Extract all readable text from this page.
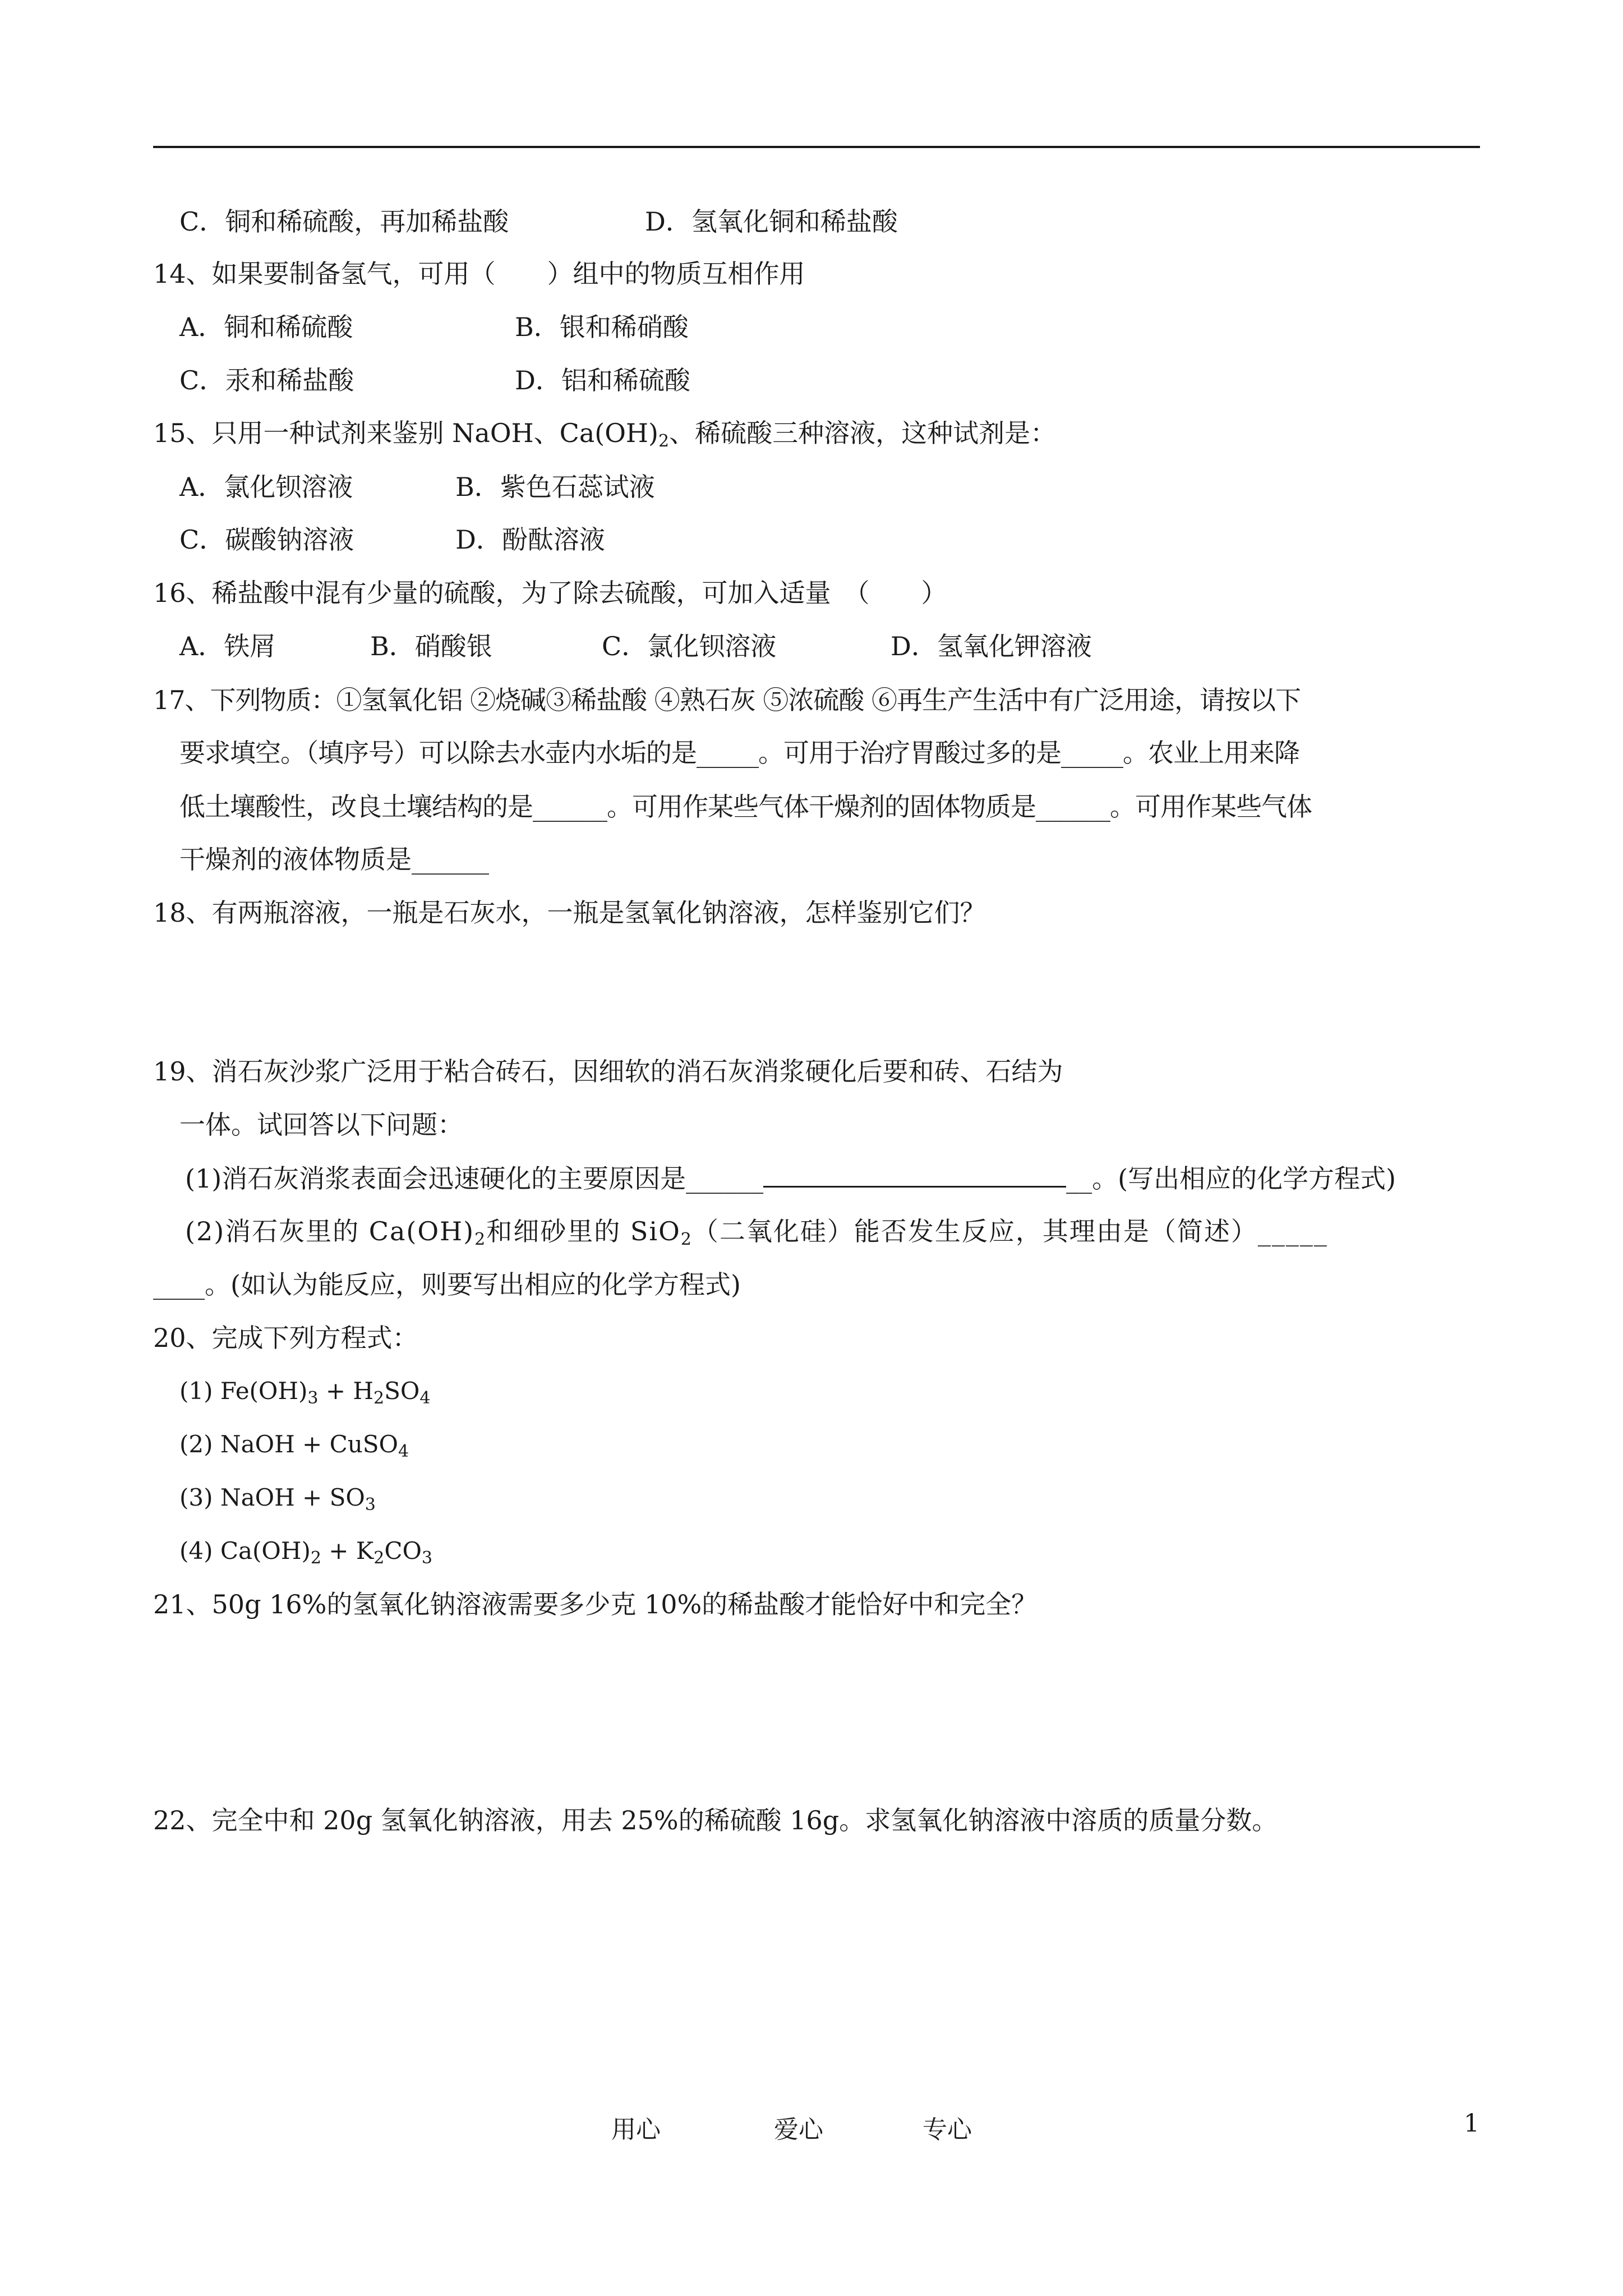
C．铜和稀硫酸，再加稀盐酸	D．氢氧化铜和稀盐酸
14、如果要制备氢气，可用（　　）组中的物质互相作用
A．铜和稀硫酸	B．银和稀硝酸
C．汞和稀盐酸	D．铝和稀硫酸
15、只用一种试剂来鉴别 NaOH、$Ca(OH)_2$、稀硫酸三种溶液，这种试剂是：
A．氯化钡溶液	B．紫色石蕊试液
C．碳酸钠溶液	D．酚酞溶液
16、稀盐酸中混有少量的硫酸，为了除去硫酸，可加入适量　（　　）
A．铁屑	B．硝酸银	C．氯化钡溶液	D．氢氧化钾溶液
17、下列物质：①氢氧化铝 ②烧碱③稀盐酸 ④熟石灰 ⑤浓硫酸 ⑥再生产生活中有广泛用途，请按以下
要求填空。（填序号）可以除去水壶内水垢的是_____。可用于治疗胃酸过多的是_____。农业上用来降
低土壤酸性，改良土壤结构的是______。可用作某些气体干燥剂的固体物质是______。可用作某些气体
干燥剂的液体物质是______
18、有两瓶溶液，一瓶是石灰水，一瓶是氢氧化钠溶液，怎样鉴别它们？
19、消石灰沙浆广泛用于粘合砖石，因细软的消石灰消浆硬化后要和砖、石结为
一体。试回答以下问题：
(1)消石灰消浆表面会迅速硬化的主要原因是______	__。(写出相应的化学方程式)
(2)消石灰里的 $Ca(OH)_2$和细砂里的 SiO$_2$（二氧化硅）能否发生反应，其理由是（简述）_____
____。(如认为能反应，则要写出相应的化学方程式)
20、完成下列方程式：
(1) $Fe(OH)_3 + H_2SO_4$
(2) NaOH + CuSO$_4$
(3) NaOH + $SO_3$
(4) $Ca(OH)_2 + K_2CO_3$
21、50g 16%的氢氧化钠溶液需要多少克 10%的稀盐酸才能恰好中和完全？
22、完全中和 20g 氢氧化钠溶液，用去 25%的稀硫酸 16g。求氢氧化钠溶液中溶质的质量分数。
用心	爱心	专心	1
